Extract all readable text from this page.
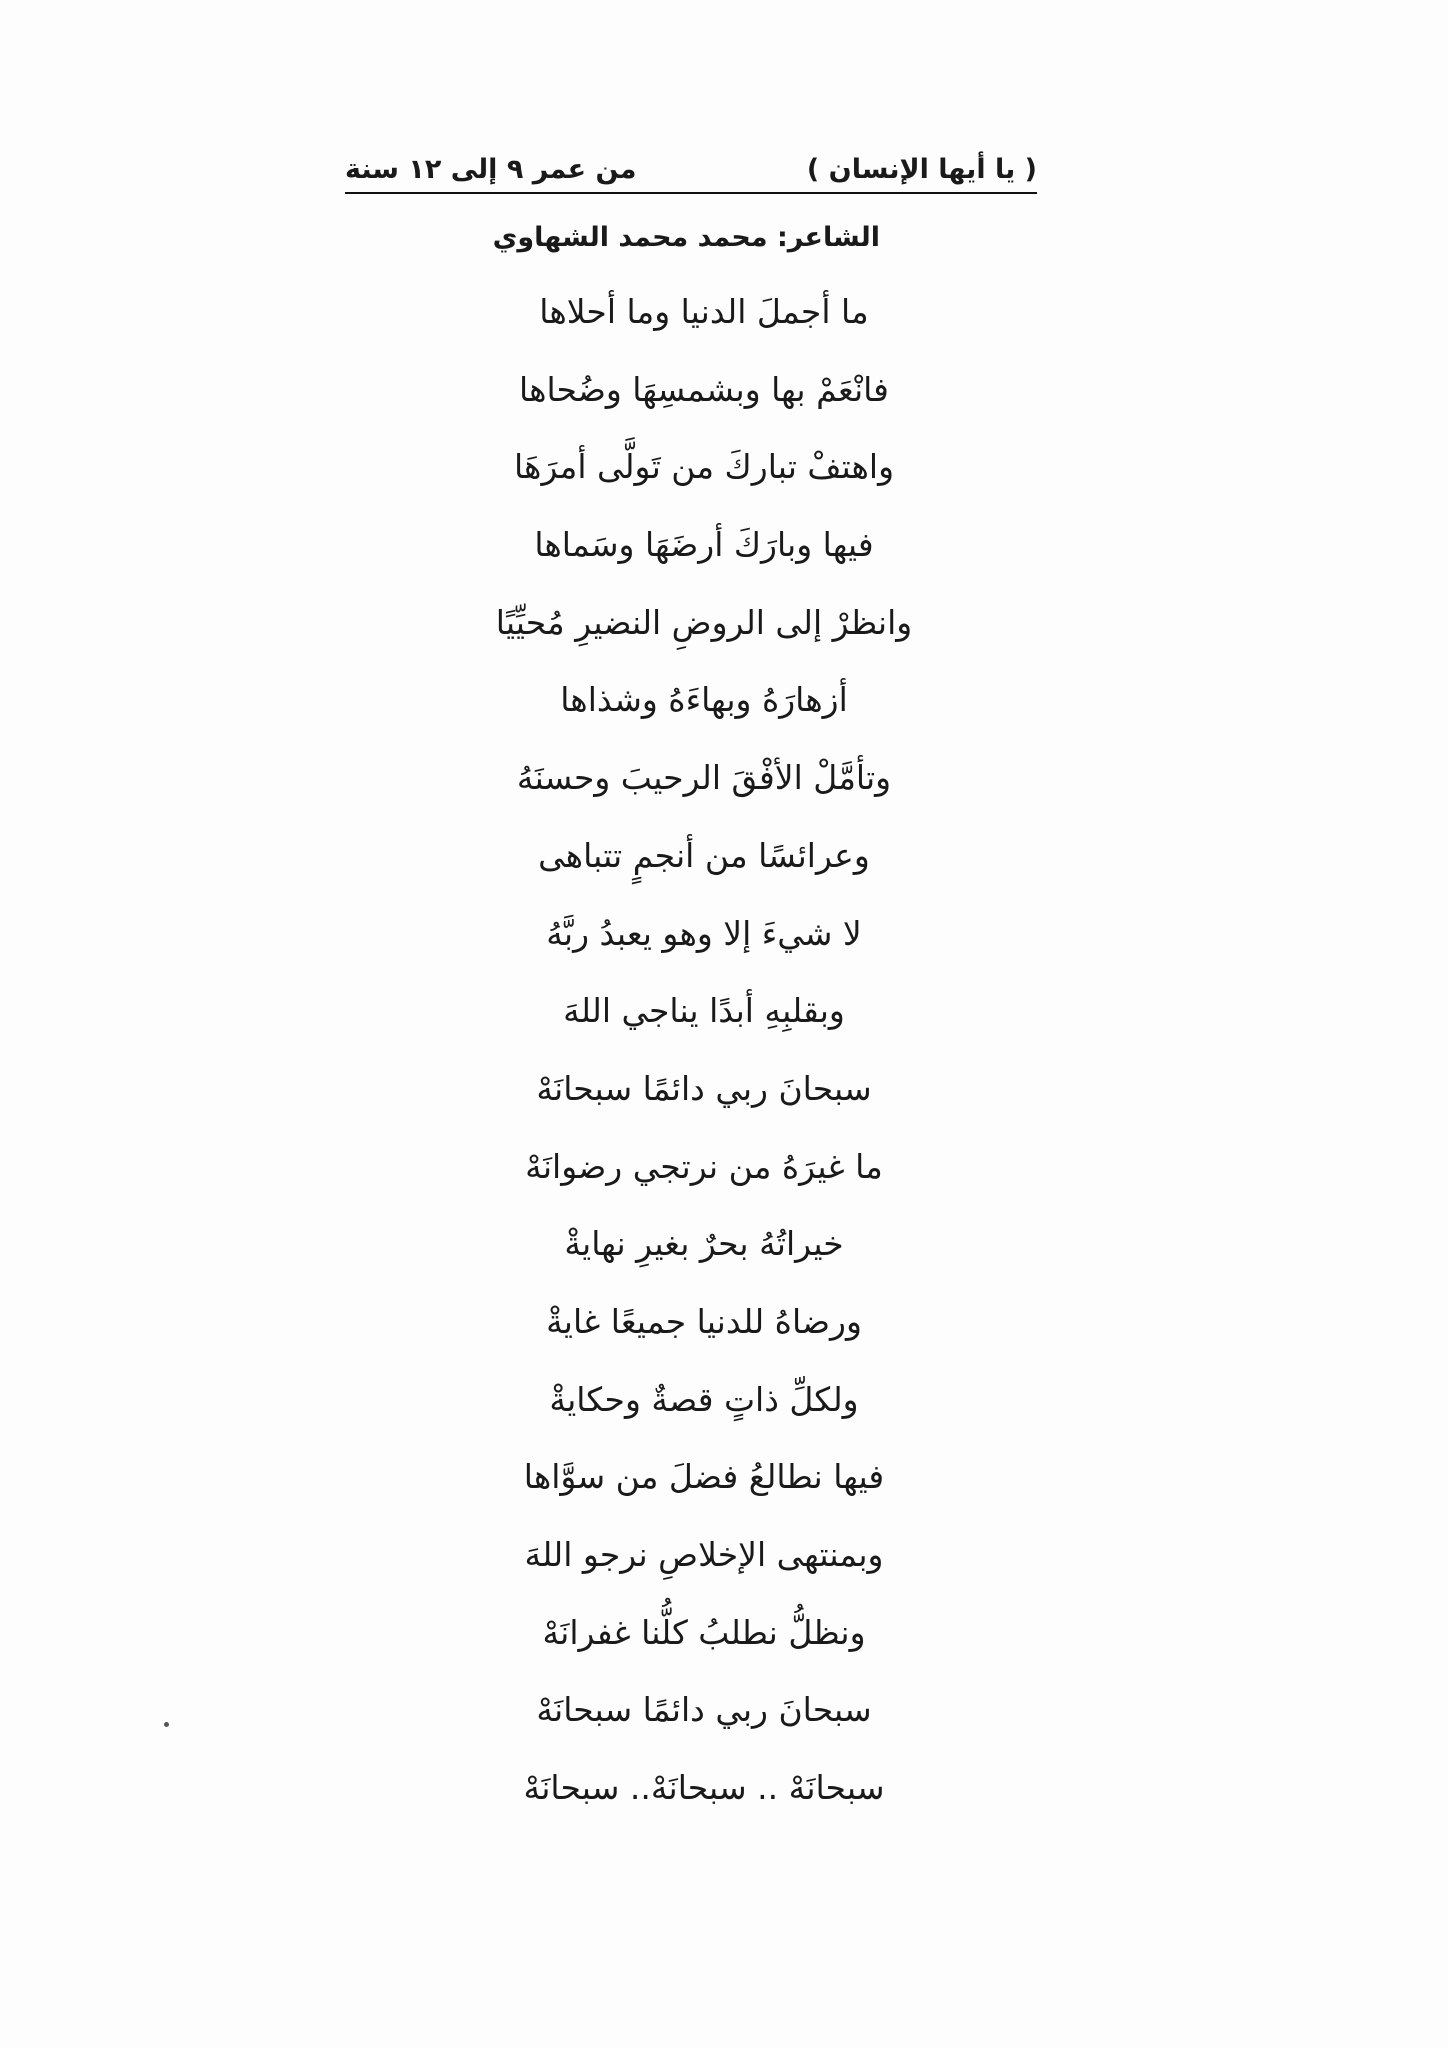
( يا أيها الإنسان )
من عمر ٩ إلى ١٢ سنة
الشاعر: محمد محمد الشهاوي
ما أجملَ الدنيا وما أحلاها
فانْعَمْ بها وبشمسِهَا وضُحاها
واهتفْ تباركَ من تَولَّى أمرَهَا
فيها وبارَكَ أرضَهَا وسَماها
وانظرْ إلى الروضِ النضيرِ مُحيِّيًا
أزهارَهُ وبهاءَهُ وشذاها
وتأمَّلْ الأفْقَ الرحيبَ وحسنَهُ
وعرائسًا من أنجمٍ تتباهى
لا شيءَ إلا وهو يعبدُ ربَّهُ
وبقلبِهِ أبدًا يناجي اللهَ
سبحانَ ربي دائمًا سبحانَهْ
ما غيرَهُ من نرتجي رضوانَهْ
خيراتُهُ بحرٌ بغيرِ نهايةْ
ورضاهُ للدنيا جميعًا غايةْ
ولكلِّ ذاتٍ قصةٌ وحكايةْ
فيها نطالعُ فضلَ من سوَّاها
وبمنتهى الإخلاصِ نرجو اللهَ
ونظلُّ نطلبُ كلُّنا غفرانَهْ
سبحانَ ربي دائمًا سبحانَهْ
سبحانَهْ .. سبحانَهْ.. سبحانَهْ
